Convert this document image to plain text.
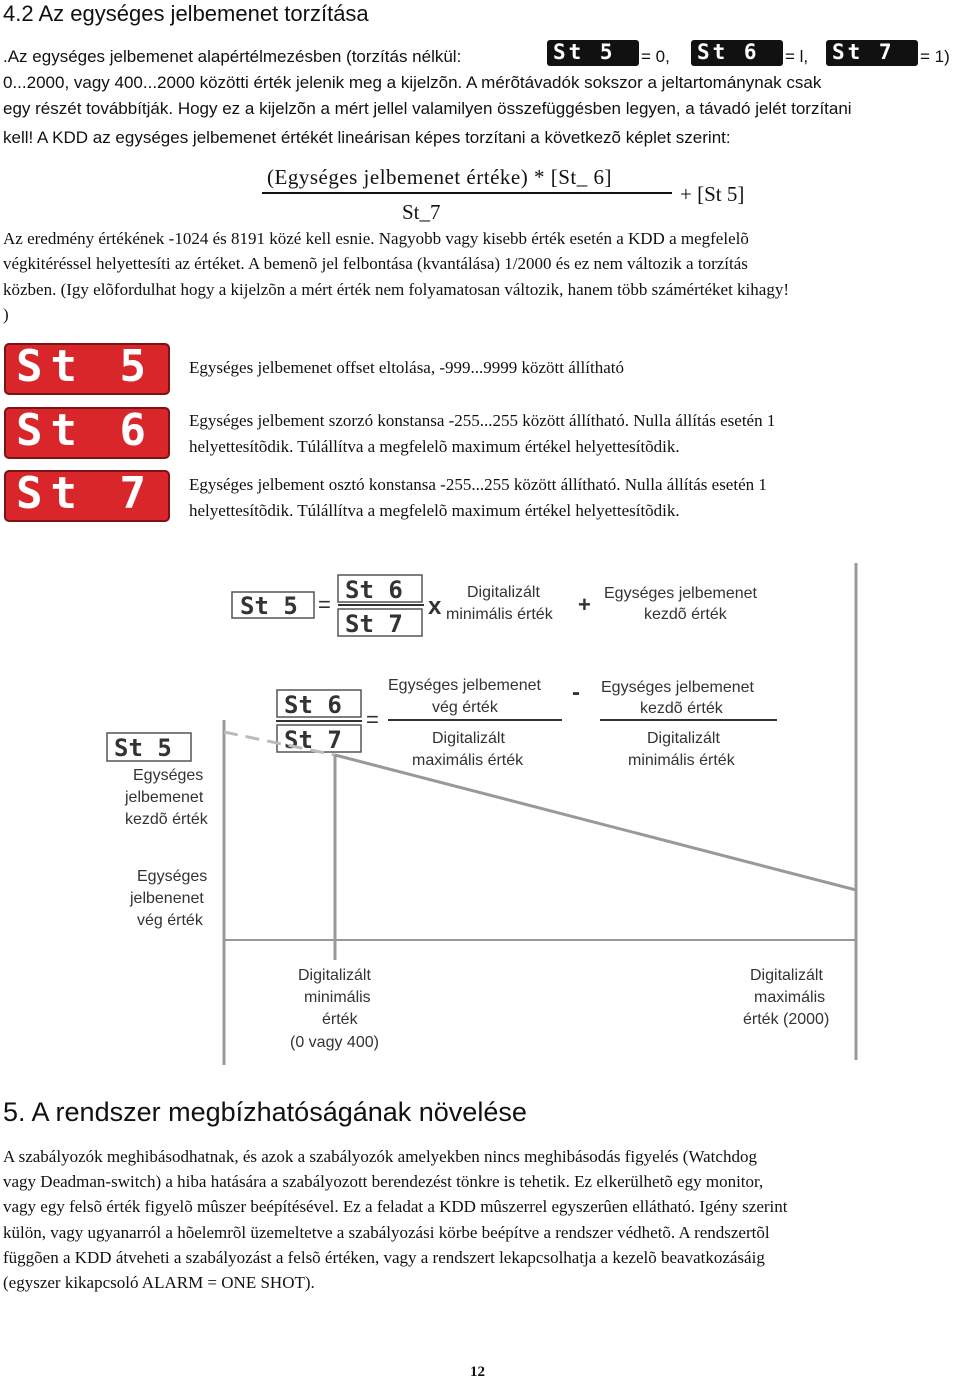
4.2 Az egységes jelbemenet torzítása
.Az egységes jelbemenet alapértélmezésben (torzítás nélkül:	St 5 = 0, St 6 = l, St 7 = 1)
0...2000, vagy 400...2000 közötti érték jelenik meg a kijelzõn. A mérõtávadók sokszor a jeltartománynak csak
egy részét továbbítják. Hogy ez a kijelzõn a mért jellel valamilyen összefüggésben legyen, a távadó jelét torzítani
kell! A KDD az egységes jelbemenet értékét lineárisan képes torzítani a következõ képlet szerint:
(Egységes jelbemenet értéke) * [St_ 6]
+ [St 5]
St_7
Az eredmény értékének -1024 és 8191 közé kell esnie. Nagyobb vagy kisebb érték esetén a KDD a megfelelõ
végkitéréssel helyettesíti az értéket. A bemenõ jel felbontása (kvantálása) 1/2000 és ez nem változik a torzítás
közben. (Igy elõfordulhat hogy a kijelzõn a mért érték nem folyamatosan változik, hanem több számértéket kihagy!
)
St 5
St 6
St 7
Egységes jelbemenet offset eltolása, -999...9999 között állítható
Egységes jelbement szorzó konstansa -255...255 között állítható. Nulla állítás esetén 1
helyettesítõdik. Túlállítva a megfelelõ maximum értékel helyettesítõdik.
Egységes jelbement osztó konstansa -255...255 között állítható. Nulla állítás esetén 1
helyettesítõdik. Túlállítva a megfelelõ maximum értékel helyettesítõdik.
St 5 =
St 6
St 7
x
Digitalizált
minimális érték + Egységes jelbemenet
kezdõ érték
St 6
St 7
=
Egységes jelbemenet
vég érték
Digitalizált
maximális érték
- Egységes jelbemenet
kezdõ érték
Digitalizált
minimális érték
St 5
Egységes
jelbemenet
kezdõ érték
Egységes
jelbenenet
vég érték
Digitalizált
minimális
érték
(0 vagy 400)
Digitalizált
maximális
érték (2000)
5. A rendszer megbízhatóságának növelése
A szabályozók meghibásodhatnak, és azok a szabályozók amelyekben nincs meghibásodás figyelés (Watchdog
vagy Deadman-switch) a hiba hatására a szabályozott berendezést tönkre is tehetik. Ez elkerülhetõ egy monitor,
vagy egy felsõ érték figyelõ mûszer beépítésével. Ez a feladat a KDD mûszerrel egyszerûen ellátható. Igény szerint
külön, vagy ugyanarról a hõelemrõl üzemeltetve a szabályozási körbe beépítve a rendszer védhetõ. A rendszertõl
függõen a KDD átveheti a szabályozást a felsõ értéken, vagy a rendszert lekapcsolhatja a kezelõ beavatkozásáig
(egyszer kikapcsoló ALARM = ONE SHOT).
12
